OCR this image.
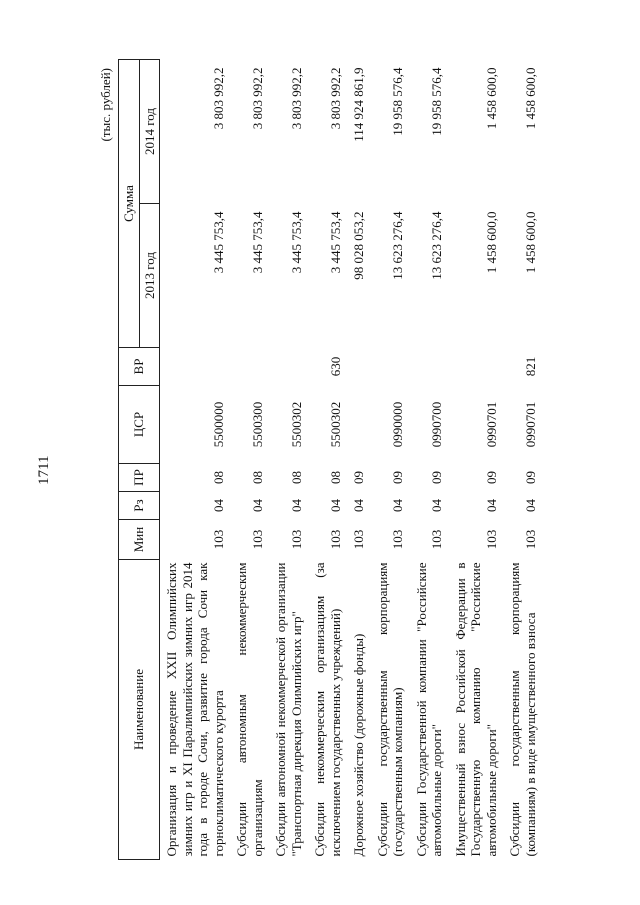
1711
(тыс. рублей)
Наименование	Мин	Рз	ПР	ЦСР	ВР	Сумма	
						2013 год	2014 год
Организация и проведение XXII Олимпийских зимних игр и XI Паралимпийских зимних игр 2014 года в городе Сочи, развитие города Сочи как горноклиматического курорта	103	04	08	5500000		3 445 753,4	3 803 992,2
Субсидии автономным некоммерческим организациям	103	04	08	5500300		3 445 753,4	3 803 992,2
Субсидии автономной некоммерческой организации "Транспортная дирекция Олимпийских игр"	103	04	08	5500302		3 445 753,4	3 803 992,2
Субсидии некоммерческим организациям (за исключением государственных учреждений)	103	04	08	5500302	630	3 445 753,4	3 803 992,2
Дорожное хозяйство (дорожные фонды)	103	04	09			98 028 053,2	114 924 861,9
Субсидии государственным корпорациям (государственным компаниям)	103	04	09	0990000		13 623 276,4	19 958 576,4
Субсидии Государственной компании "Российские автомобильные дороги"	103	04	09	0990700		13 623 276,4	19 958 576,4
Имущественный взнос Российской Федерации в Государственную компанию "Российские автомобильные дороги"	103	04	09	0990701		1 458 600,0	1 458 600,0
Субсидии государственным корпорациям (компаниям) в виде имущественного взноса	103	04	09	0990701	821	1 458 600,0	1 458 600,0
